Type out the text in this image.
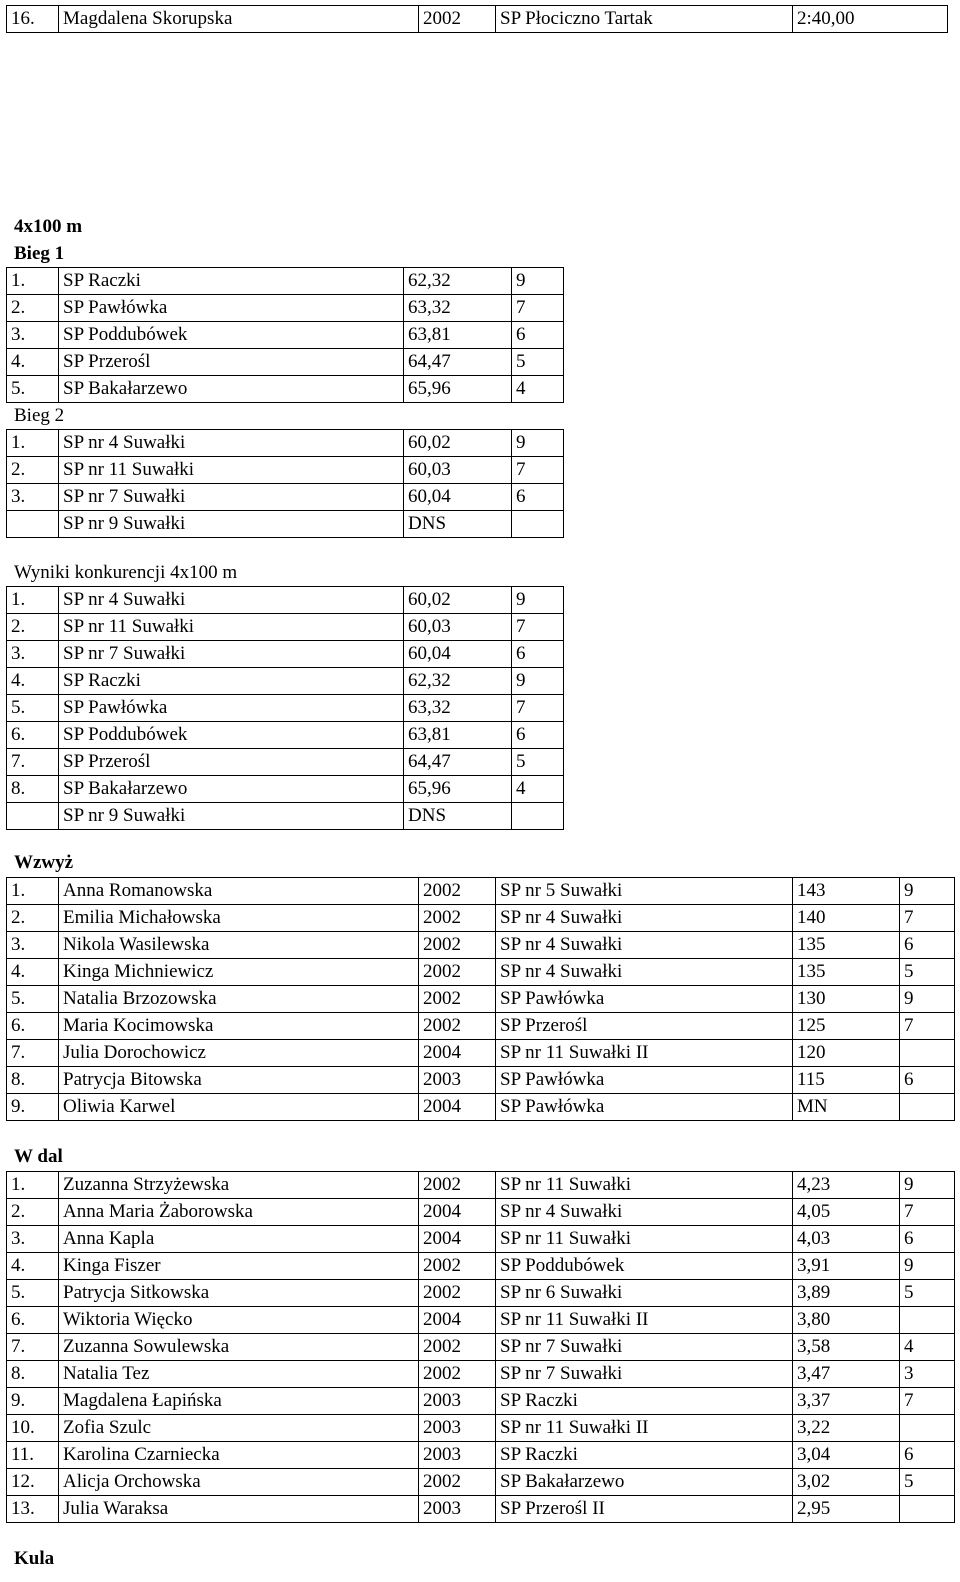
16.	Magdalena Skorupska	2002	SP Płociczno Tartak	2:40,00
4x100 m
Bieg 1
1.	SP Raczki	62,32	9
2.	SP Pawłówka	63,32	7
3.	SP Poddubówek	63,81	6
4.	SP Przerośl	64,47	5
5.	SP Bakałarzewo	65,96	4
Bieg 2
1.	SP nr 4 Suwałki	60,02	9
2.	SP nr 11 Suwałki	60,03	7
3.	SP nr 7 Suwałki	60,04	6
	SP nr 9 Suwałki	DNS	
Wyniki konkurencji 4x100 m
1.	SP nr 4 Suwałki	60,02	9
2.	SP nr 11 Suwałki	60,03	7
3.	SP nr 7 Suwałki	60,04	6
4.	SP Raczki	62,32	9
5.	SP Pawłówka	63,32	7
6.	SP Poddubówek	63,81	6
7.	SP Przerośl	64,47	5
8.	SP Bakałarzewo	65,96	4
	SP nr 9 Suwałki	DNS	
Wzwyż
1.	Anna Romanowska	2002	SP nr 5 Suwałki	143	9
2.	Emilia Michałowska	2002	SP nr 4 Suwałki	140	7
3.	Nikola Wasilewska	2002	SP nr 4 Suwałki	135	6
4.	Kinga Michniewicz	2002	SP nr 4 Suwałki	135	5
5.	Natalia Brzozowska	2002	SP Pawłówka	130	9
6.	Maria Kocimowska	2002	SP Przerośl	125	7
7.	Julia Dorochowicz	2004	SP nr 11 Suwałki II	120	
8.	Patrycja Bitowska	2003	SP Pawłówka	115	6
9.	Oliwia Karwel	2004	SP Pawłówka	MN	
W dal
1.	Zuzanna Strzyżewska	2002	SP nr 11 Suwałki	4,23	9
2.	Anna Maria Żaborowska	2004	SP nr 4 Suwałki	4,05	7
3.	Anna Kapla	2004	SP nr 11 Suwałki	4,03	6
4.	Kinga Fiszer	2002	SP Poddubówek	3,91	9
5.	Patrycja Sitkowska	2002	SP nr 6 Suwałki	3,89	5
6.	Wiktoria Więcko	2004	SP nr 11 Suwałki II	3,80	
7.	Zuzanna Sowulewska	2002	SP nr 7 Suwałki	3,58	4
8.	Natalia Tez	2002	SP nr 7 Suwałki	3,47	3
9.	Magdalena Łapińska	2003	SP Raczki	3,37	7
10.	Zofia Szulc	2003	SP nr 11 Suwałki II	3,22	
11.	Karolina Czarniecka	2003	SP Raczki	3,04	6
12.	Alicja Orchowska	2002	SP Bakałarzewo	3,02	5
13.	Julia Waraksa	2003	SP Przerośl II	2,95	
Kula
